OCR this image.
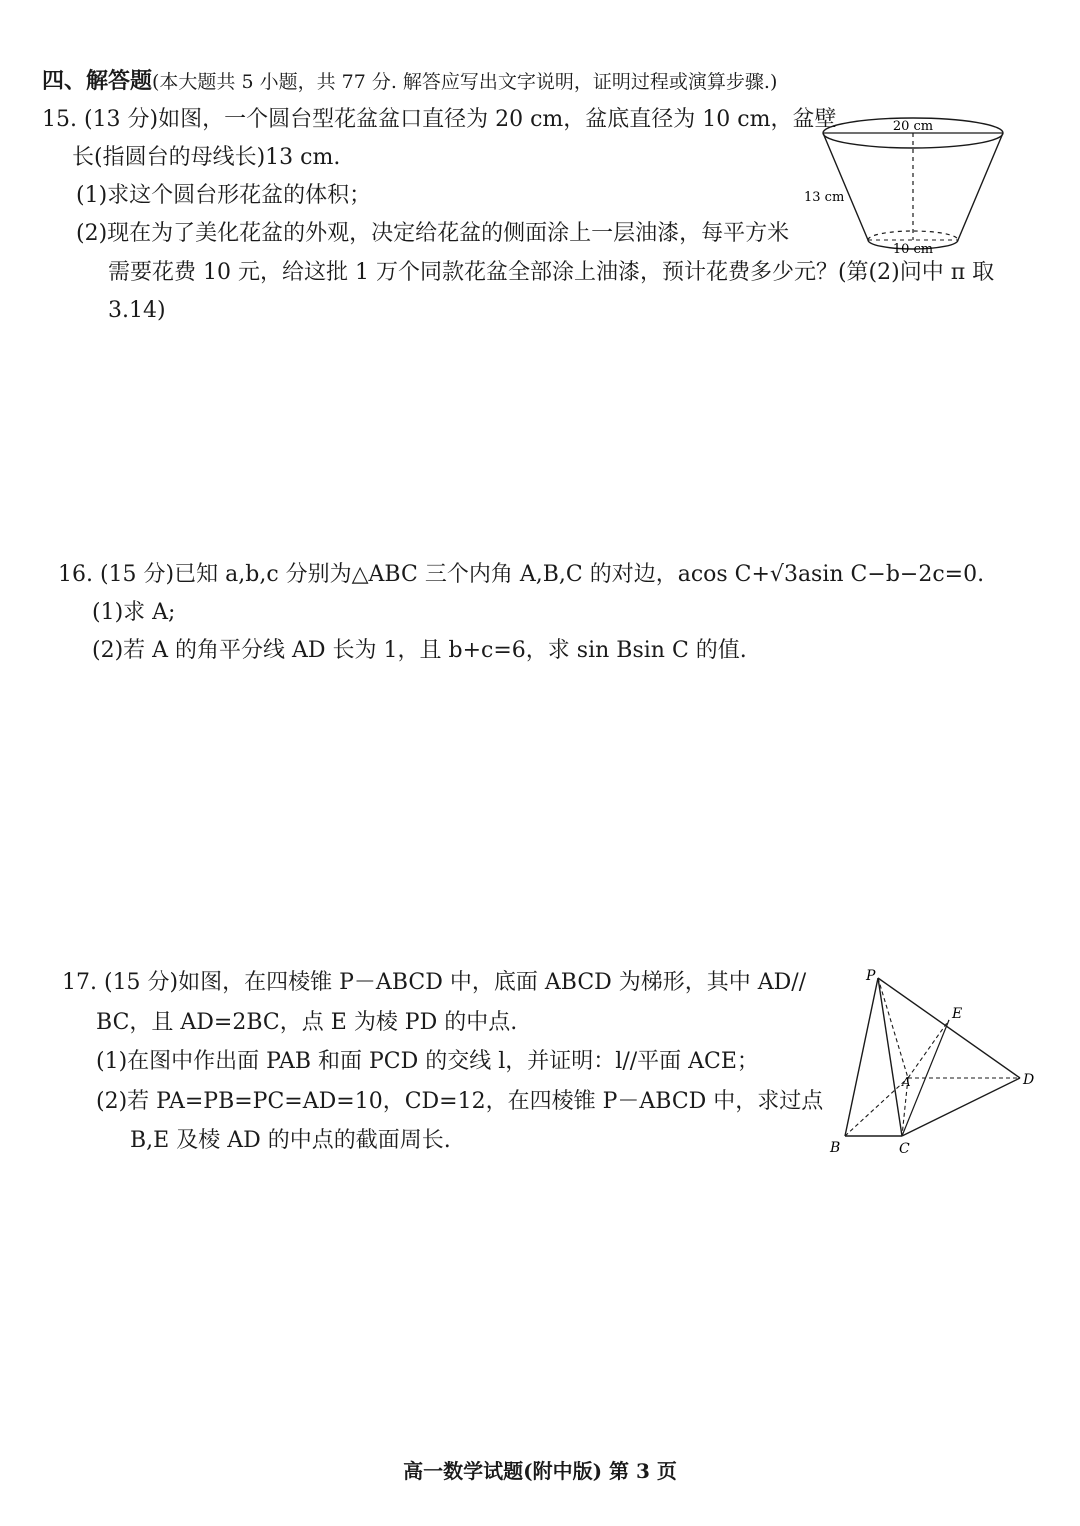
四、解答题(本大题共 5 小题，共 77 分. 解答应写出文字说明，证明过程或演算步骤.)
15. (13 分)如图，一个圆台型花盆盆口直径为 20 cm，盆底直径为 10 cm，盆壁
长(指圆台的母线长)13 cm.
(1)求这个圆台形花盆的体积；
(2)现在为了美化花盆的外观，决定给花盆的侧面涂上一层油漆，每平方米
需要花费 10 元，给这批 1 万个同款花盆全部涂上油漆，预计花费多少元？(第(2)问中 π 取
3.14)
20 cm
13 cm
10 cm
16. (15 分)已知 a,b,c 分别为△ABC 三个内角 A,B,C 的对边，acos C+√3asin C−b−2c=0.
(1)求 A;
(2)若 A 的角平分线 AD 长为 1，且 b+c=6，求 sin Bsin C 的值.
17. (15 分)如图，在四棱锥 P－ABCD 中，底面 ABCD 为梯形，其中 AD//
BC，且 AD=2BC，点 E 为棱 PD 的中点.
(1)在图中作出面 PAB 和面 PCD 的交线 l，并证明：l//平面 ACE；
(2)若 PA=PB=PC=AD=10，CD=12，在四棱锥 P－ABCD 中，求过点
B,E 及棱 AD 的中点的截面周长.
P
E
A	D
B	C
高一数学试题(附中版) 第 3 页
